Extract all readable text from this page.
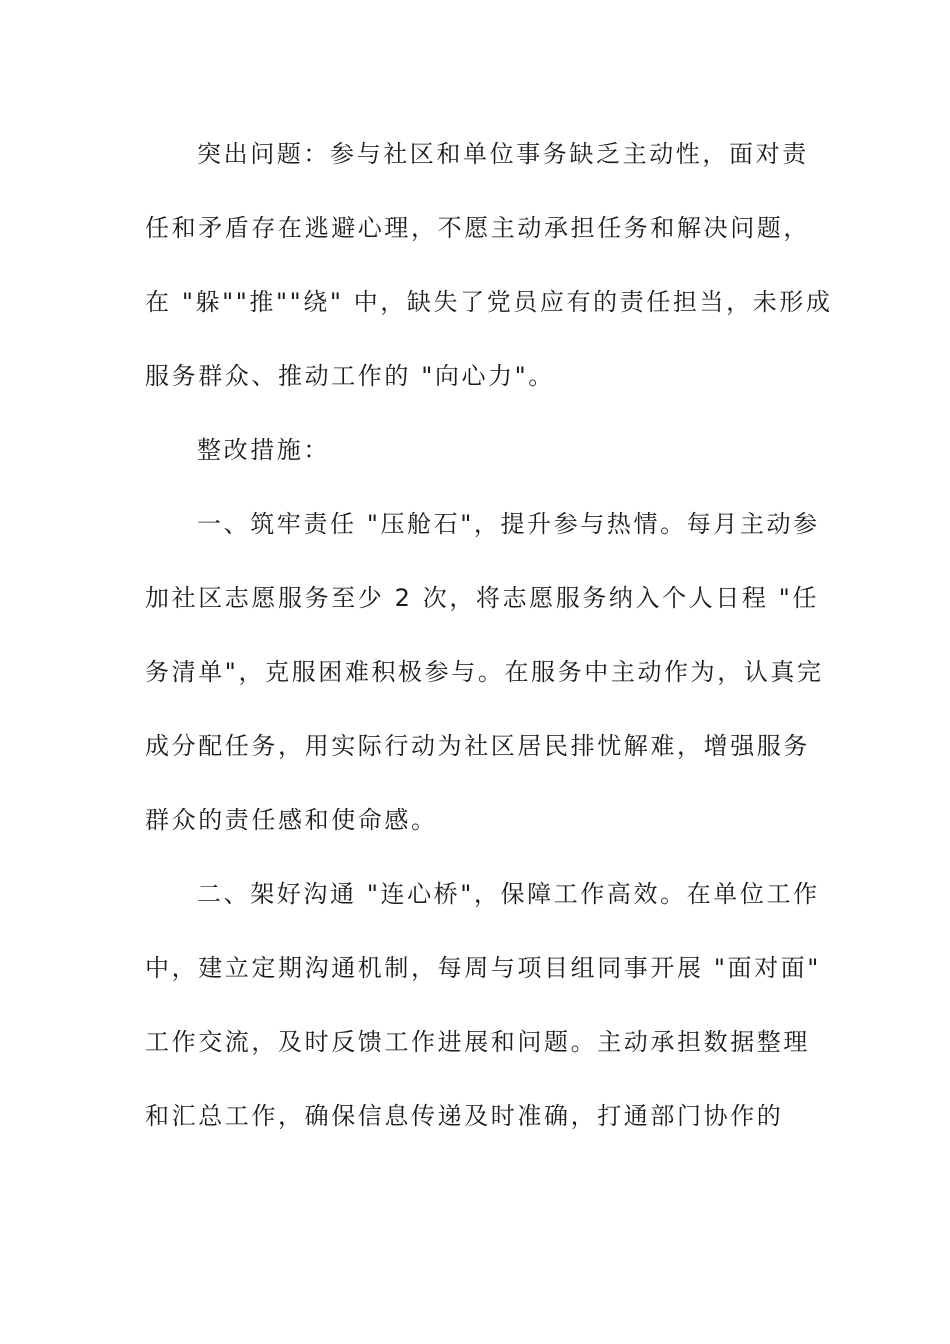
突出问题：参与社区和单位事务缺乏主动性，面对责
任和矛盾存在逃避心理，不愿主动承担任务和解决问题，
在 "躲""推""绕" 中，缺失了党员应有的责任担当，未形成
服务群众、推动工作的 "向心力"。
整改措施：
一、筑牢责任 "压舱石"，提升参与热情。每月主动参
加社区志愿服务至少 2 次，将志愿服务纳入个人日程 "任
务清单"，克服困难积极参与。在服务中主动作为，认真完
成分配任务，用实际行动为社区居民排忧解难，增强服务
群众的责任感和使命感。
二、架好沟通 "连心桥"，保障工作高效。在单位工作
中，建立定期沟通机制，每周与项目组同事开展 "面对面"
工作交流，及时反馈工作进展和问题。主动承担数据整理
和汇总工作，确保信息传递及时准确，打通部门协作的
